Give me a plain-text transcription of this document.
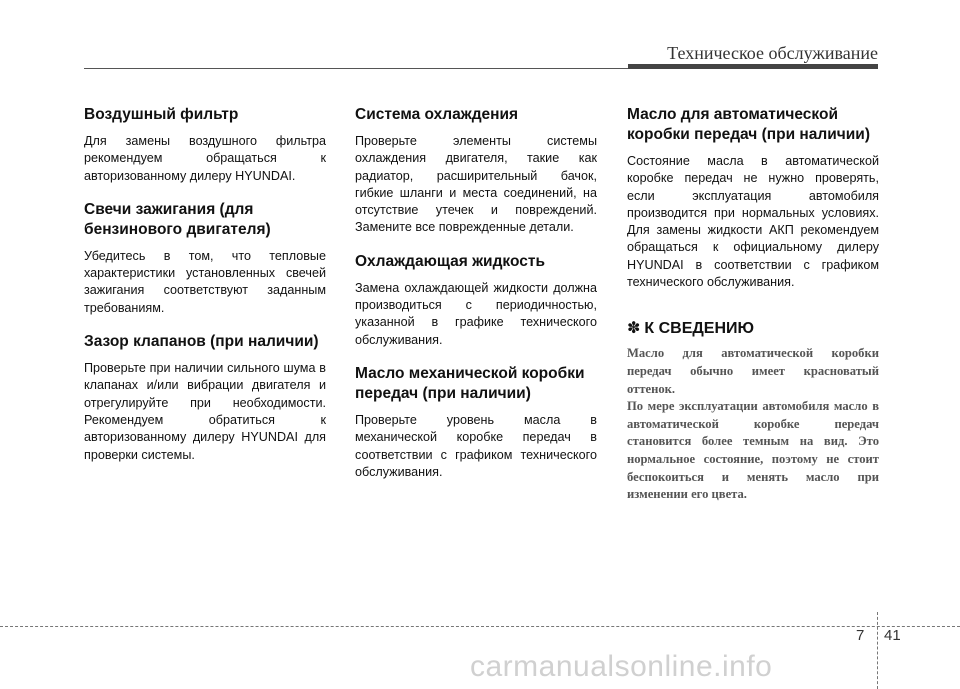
Техническое обслуживание
Воздушный фильтр

Для замены воздушного фильтра рекомендуем обращаться к авторизованному дилеру HYUNDAI.

Свечи зажигания (для бензинового двигателя)

Убедитесь в том, что тепловые характеристики установленных свечей зажигания соответствуют заданным требованиям.

Зазор клапанов (при наличии)

Проверьте при наличии сильного шума в клапанах и/или вибрации двигателя и отрегулируйте при необходимости. Рекомендуем обратиться к авторизованному дилеру HYUNDAI для проверки системы.

Система охлаждения

Проверьте элементы системы охлаждения двигателя, такие как радиатор, расширительный бачок, гибкие шланги и места соединений, на отсутствие утечек и повреждений. Замените все поврежденные детали.

Охлаждающая жидкость

Замена охлаждающей жидкости должна производиться с периодичностью, указанной в графике технического обслуживания.

Масло механической коробки передач (при наличии)

Проверьте уровень масла в механической коробке передач в соответствии с графиком технического обслуживания.

Масло для автоматической коробки передач (при наличии)

Состояние масла в автоматической коробке передач не нужно проверять, если эксплуатация автомобиля производится при нормальных условиях. Для замены жидкости АКП рекомендуем обращаться к официальному дилеру HYUNDAI в соответствии с графиком технического обслуживания.

✽ К СВЕДЕНИЮ

Масло для автоматической коробки передач обычно имеет красноватый оттенок.

По мере эксплуатации автомобиля масло в автоматической коробке передач становится более темным на вид. Это нормальное состояние, поэтому не стоит беспокоиться и менять масло при изменении его цвета.

7 41
carmanualsonline.info
